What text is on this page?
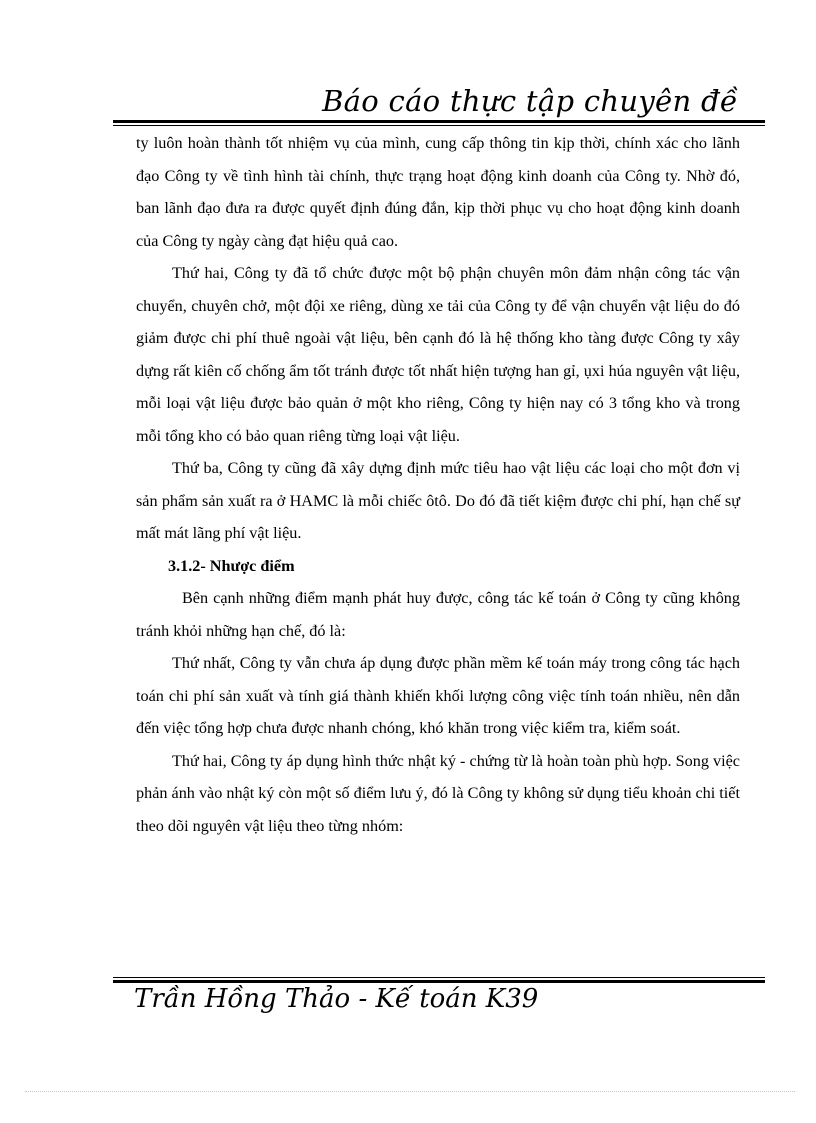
Báo cáo thực tập chuyên đề

ty luôn hoàn thành tốt nhiệm vụ của mình, cung cấp thông tin kịp thời, chính xác cho lãnh đạo Công ty về tình hình tài chính, thực trạng hoạt động kinh doanh của Công ty. Nhờ đó, ban lãnh đạo đưa ra được quyết định đúng đắn, kịp thời phục vụ cho hoạt động kinh doanh của Công ty ngày càng đạt hiệu quả cao.

Thứ hai, Công ty đã tổ chức được một bộ phận chuyên môn đảm nhận công tác vận chuyển, chuyên chở, một đội xe riêng, dùng xe tải của Công ty để vận chuyển vật liệu do đó giảm được chi phí thuê ngoài vật liệu, bên cạnh đó là hệ thống kho tàng được Công ty xây dựng rất kiên cố chống ẩm tốt tránh được tốt nhất hiện tượng han gỉ, ụxi húa nguyên vật liệu, mỗi loại vật liệu được bảo quản ở một kho riêng, Công ty hiện nay có 3 tổng kho và trong mỗi tổng kho có bảo quan riêng từng loại vật liệu.

Thứ ba, Công ty cũng đã xây dựng định mức tiêu hao vật liệu các loại cho một đơn vị sản phẩm sản xuất ra ở HAMC là mỗi chiếc ôtô. Do đó đã tiết kiệm được chi phí, hạn chế sự mất mát lãng phí vật liệu.

3.1.2- Nhược điểm

Bên cạnh những điểm mạnh phát huy được, công tác kế toán ở Công ty cũng không tránh khỏi những hạn chế, đó là:

Thứ nhất, Công ty vẫn chưa áp dụng được phần mềm kế toán máy trong công tác hạch toán chi phí sản xuất và tính giá thành khiến khối lượng công việc tính toán nhiều, nên dẫn đến việc tổng hợp chưa được nhanh chóng, khó khăn trong việc kiểm tra, kiểm soát.

Thứ hai, Công ty áp dụng hình thức nhật ký - chứng từ là hoàn toàn phù hợp. Song việc phản ánh vào nhật ký còn một số điểm lưu ý, đó là Công ty không sử dụng tiểu khoản chi tiết theo dõi nguyên vật liệu theo từng nhóm:

Trần Hồng Thảo - Kế toán K39
